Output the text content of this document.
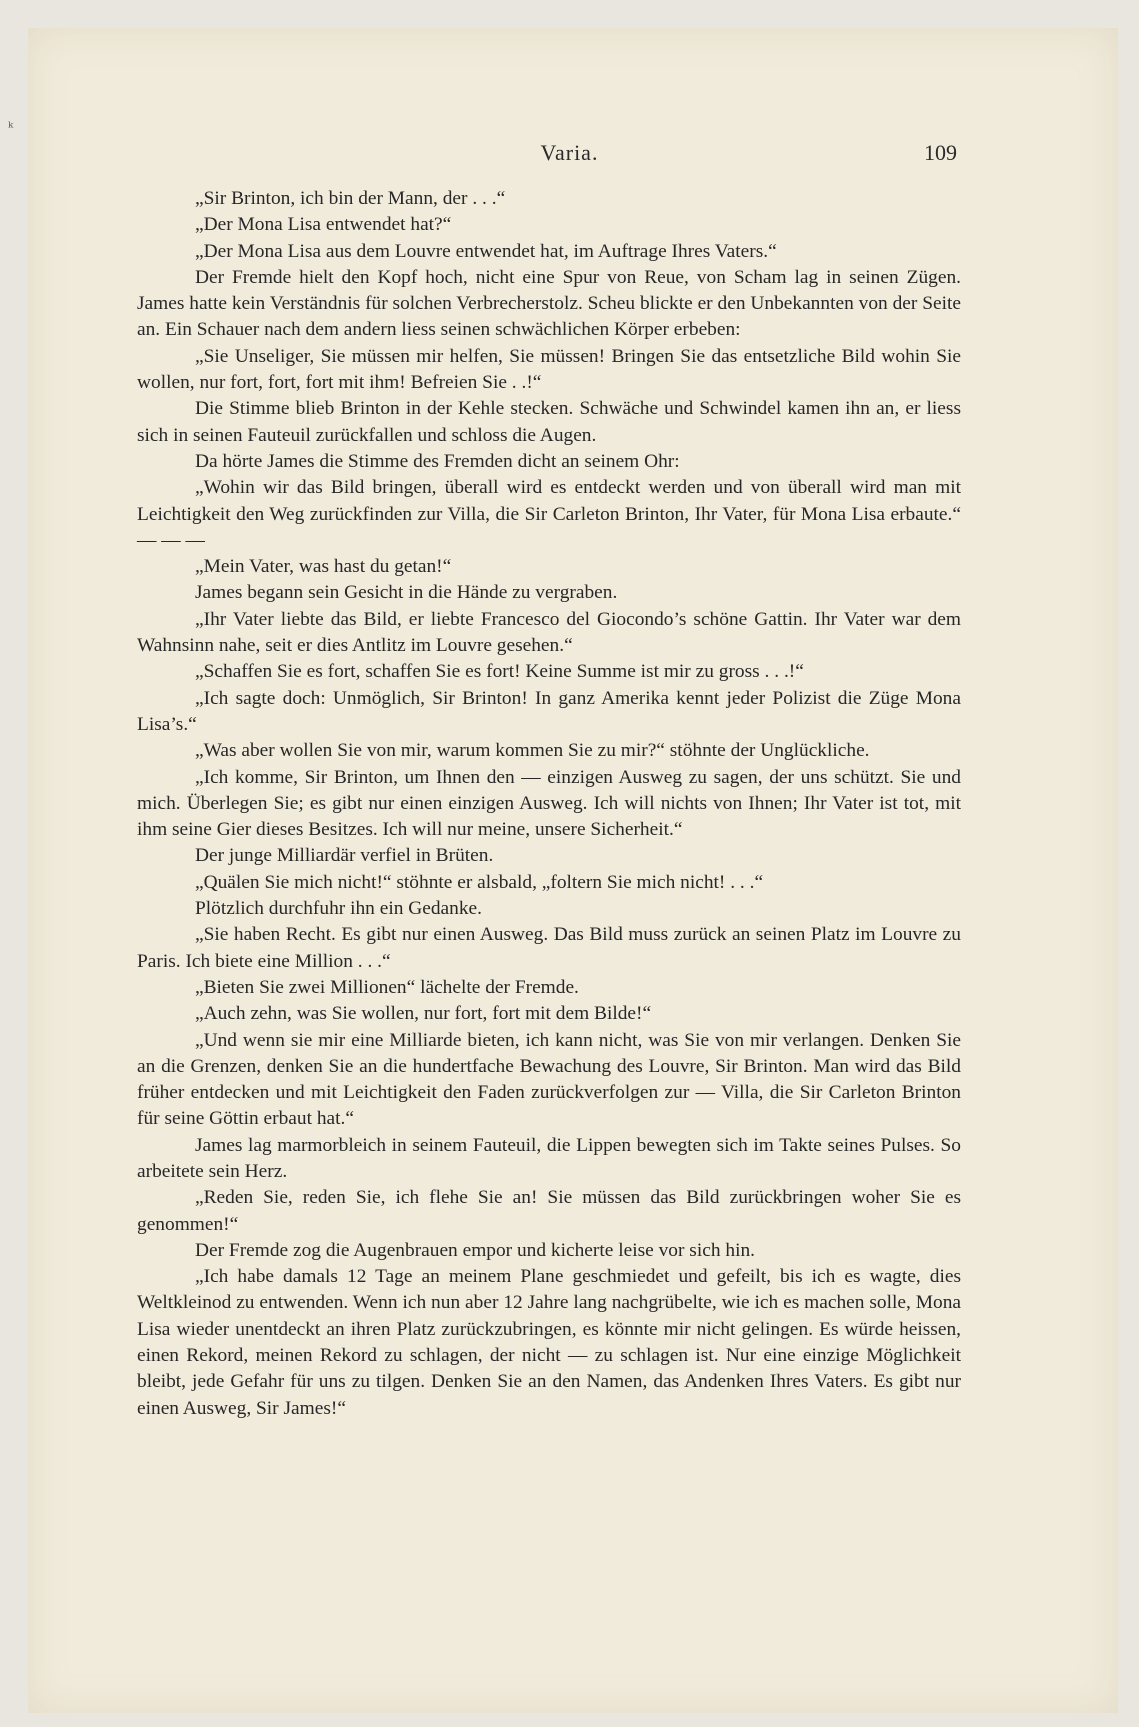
ᵏ
Varia.	109

„Sir Brinton, ich bin der Mann, der . . .“

„Der Mona Lisa entwendet hat?“

„Der Mona Lisa aus dem Louvre entwendet hat, im Auftrage Ihres Vaters.“

Der Fremde hielt den Kopf hoch, nicht eine Spur von Reue, von Scham lag in seinen Zügen. James hatte kein Verständnis für solchen Verbrecherstolz. Scheu blickte er den Unbekannten von der Seite an. Ein Schauer nach dem andern liess seinen schwächlichen Körper erbeben:

„Sie Unseliger, Sie müssen mir helfen, Sie müssen! Bringen Sie das entsetzliche Bild wohin Sie wollen, nur fort, fort, fort mit ihm! Befreien Sie . .!“

Die Stimme blieb Brinton in der Kehle stecken. Schwäche und Schwindel kamen ihn an, er liess sich in seinen Fauteuil zurückfallen und schloss die Augen.

Da hörte James die Stimme des Fremden dicht an seinem Ohr:

„Wohin wir das Bild bringen, überall wird es entdeckt werden und von überall wird man mit Leichtigkeit den Weg zurückfinden zur Villa, die Sir Carleton Brinton, Ihr Vater, für Mona Lisa erbaute.“ — — —

„Mein Vater, was hast du getan!“

James begann sein Gesicht in die Hände zu vergraben.

„Ihr Vater liebte das Bild, er liebte Francesco del Giocondo’s schöne Gattin. Ihr Vater war dem Wahnsinn nahe, seit er dies Antlitz im Louvre gesehen.“

„Schaffen Sie es fort, schaffen Sie es fort! Keine Summe ist mir zu gross . . .!“

„Ich sagte doch: Unmöglich, Sir Brinton! In ganz Amerika kennt jeder Polizist die Züge Mona Lisa’s.“

„Was aber wollen Sie von mir, warum kommen Sie zu mir?“ stöhnte der Unglückliche.

„Ich komme, Sir Brinton, um Ihnen den — einzigen Ausweg zu sagen, der uns schützt. Sie und mich. Überlegen Sie; es gibt nur einen einzigen Ausweg. Ich will nichts von Ihnen; Ihr Vater ist tot, mit ihm seine Gier dieses Besitzes. Ich will nur meine, unsere Sicherheit.“

Der junge Milliardär verfiel in Brüten.

„Quälen Sie mich nicht!“ stöhnte er alsbald, „foltern Sie mich nicht! . . .“

Plötzlich durchfuhr ihn ein Gedanke.

„Sie haben Recht. Es gibt nur einen Ausweg. Das Bild muss zurück an seinen Platz im Louvre zu Paris. Ich biete eine Million . . .“

„Bieten Sie zwei Millionen“ lächelte der Fremde.

„Auch zehn, was Sie wollen, nur fort, fort mit dem Bilde!“

„Und wenn sie mir eine Milliarde bieten, ich kann nicht, was Sie von mir verlangen. Denken Sie an die Grenzen, denken Sie an die hundertfache Bewachung des Louvre, Sir Brinton. Man wird das Bild früher entdecken und mit Leichtigkeit den Faden zurückverfolgen zur — Villa, die Sir Carleton Brinton für seine Göttin erbaut hat.“

James lag marmorbleich in seinem Fauteuil, die Lippen bewegten sich im Takte seines Pulses. So arbeitete sein Herz.

„Reden Sie, reden Sie, ich flehe Sie an! Sie müssen das Bild zurückbringen woher Sie es genommen!“

Der Fremde zog die Augenbrauen empor und kicherte leise vor sich hin.

„Ich habe damals 12 Tage an meinem Plane geschmiedet und gefeilt, bis ich es wagte, dies Weltkleinod zu entwenden. Wenn ich nun aber 12 Jahre lang nachgrübelte, wie ich es machen solle, Mona Lisa wieder unentdeckt an ihren Platz zurückzubringen, es könnte mir nicht gelingen. Es würde heissen, einen Rekord, meinen Rekord zu schlagen, der nicht — zu schlagen ist. Nur eine einzige Möglichkeit bleibt, jede Gefahr für uns zu tilgen. Denken Sie an den Namen, das Andenken Ihres Vaters. Es gibt nur einen Ausweg, Sir James!“
